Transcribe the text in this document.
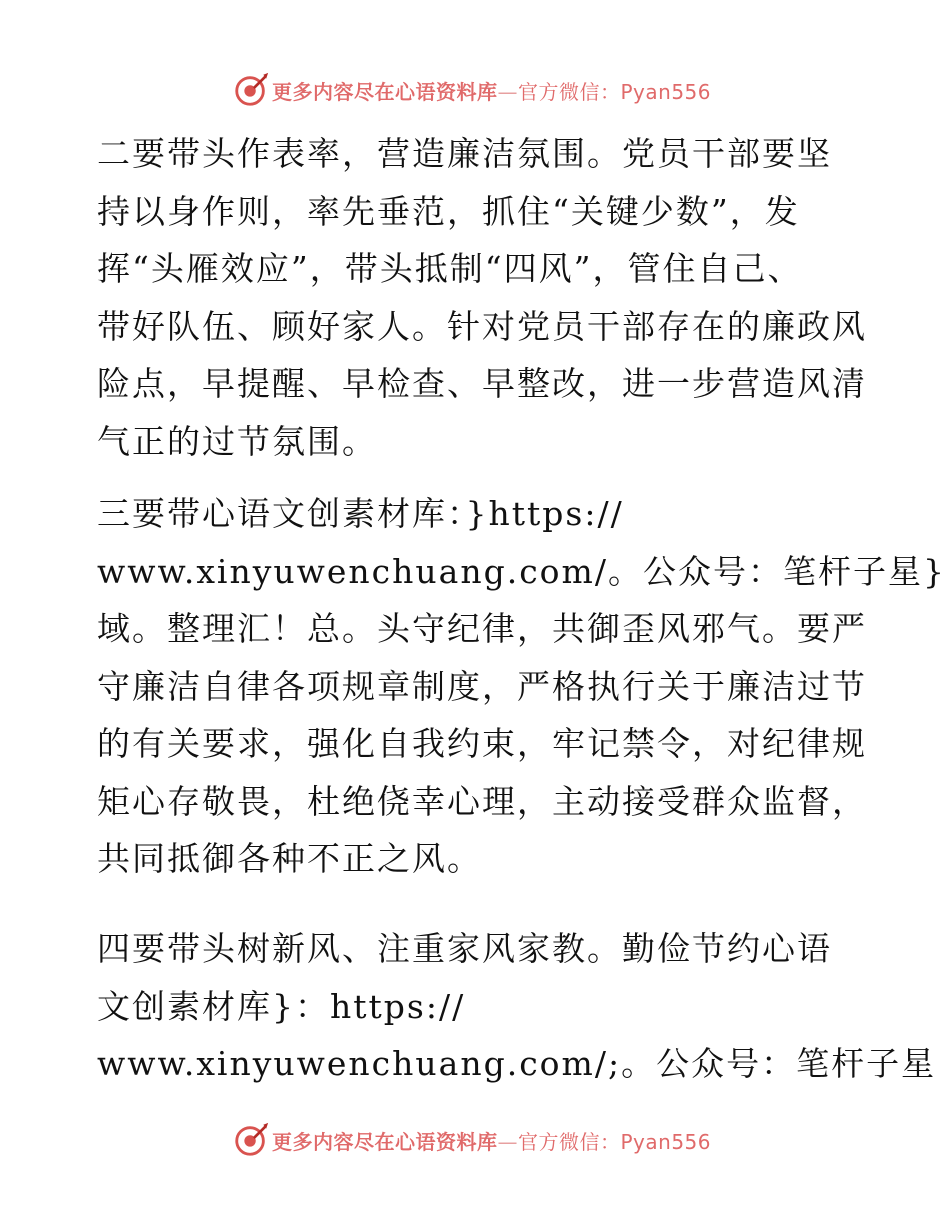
更多内容尽在心语资料库—官方微信：Pyan556
二要带头作表率，营造廉洁氛围。党员干部要坚
持以身作则，率先垂范，抓住“关键少数”，发
挥“头雁效应”，带头抵制“四风”，管住自己、
带好队伍、顾好家人。针对党员干部存在的廉政风
险点，早提醒、早检查、早整改，进一步营造风清
气正的过节氛围。
三要带心语文创素材库：}https://
www.xinyuwenchuang.com/。公众号：笔杆子星}
域。整理汇！总。头守纪律，共御歪风邪气。要严
守廉洁自律各项规章制度，严格执行关于廉洁过节
的有关要求，强化自我约束，牢记禁令，对纪律规
矩心存敬畏，杜绝侥幸心理，主动接受群众监督，
共同抵御各种不正之风。
四要带头树新风、注重家风家教。勤俭节约心语
文创素材库}：https://
www.xinyuwenchuang.com/;。公众号：笔杆子星
更多内容尽在心语资料库—官方微信：Pyan556
